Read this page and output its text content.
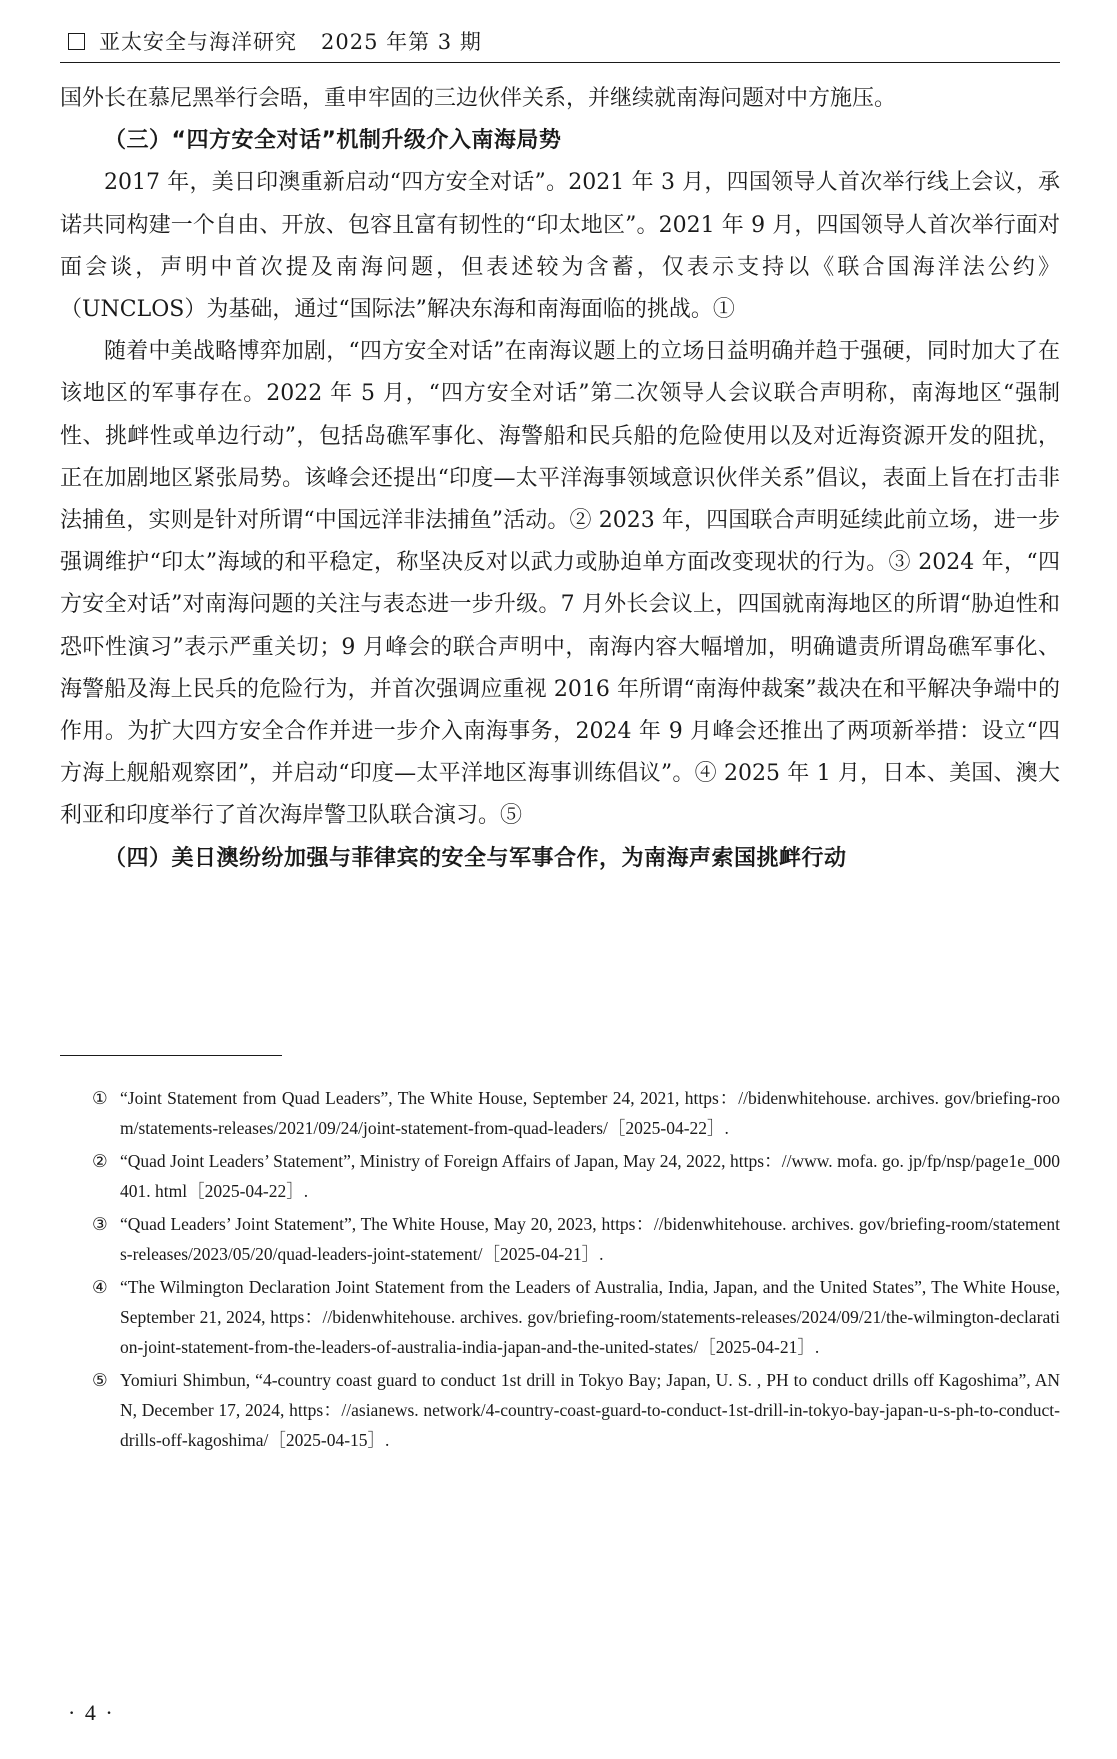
亚太安全与海洋研究 2025 年第 3 期

国外长在慕尼黑举行会晤，重申牢固的三边伙伴关系，并继续就南海问题对中方施压。

（三）“四方安全对话”机制升级介入南海局势

2017 年，美日印澳重新启动“四方安全对话”。2021 年 3 月，四国领导人首次举行线上会议，承诺共同构建一个自由、开放、包容且富有韧性的“印太地区”。2021 年 9 月，四国领导人首次举行面对面会谈，声明中首次提及南海问题，但表述较为含蓄，仅表示支持以《联合国海洋法公约》（UNCLOS）为基础，通过“国际法”解决东海和南海面临的挑战。①

随着中美战略博弈加剧，“四方安全对话”在南海议题上的立场日益明确并趋于强硬，同时加大了在该地区的军事存在。2022 年 5 月，“四方安全对话”第二次领导人会议联合声明称，南海地区“强制性、挑衅性或单边行动”，包括岛礁军事化、海警船和民兵船的危险使用以及对近海资源开发的阻扰，正在加剧地区紧张局势。该峰会还提出“印度—太平洋海事领域意识伙伴关系”倡议，表面上旨在打击非法捕鱼，实则是针对所谓“中国远洋非法捕鱼”活动。② 2023 年，四国联合声明延续此前立场，进一步强调维护“印太”海域的和平稳定，称坚决反对以武力或胁迫单方面改变现状的行为。③ 2024 年，“四方安全对话”对南海问题的关注与表态进一步升级。7 月外长会议上，四国就南海地区的所谓“胁迫性和恐吓性演习”表示严重关切；9 月峰会的联合声明中，南海内容大幅增加，明确谴责所谓岛礁军事化、海警船及海上民兵的危险行为，并首次强调应重视 2016 年所谓“南海仲裁案”裁决在和平解决争端中的作用。为扩大四方安全合作并进一步介入南海事务，2024 年 9 月峰会还推出了两项新举措：设立“四方海上舰船观察团”，并启动“印度—太平洋地区海事训练倡议”。④ 2025 年 1 月，日本、美国、澳大利亚和印度举行了首次海岸警卫队联合演习。⑤

（四）美日澳纷纷加强与菲律宾的安全与军事合作，为南海声索国挑衅行动
① “Joint Statement from Quad Leaders”, The White House, September 24, 2021, https：//bidenwhitehouse. archives. gov/briefing-room/statements-releases/2021/09/24/joint-statement-from-quad-leaders/［2025-04-22］.
② “Quad Joint Leaders’ Statement”, Ministry of Foreign Affairs of Japan, May 24, 2022, https：//www. mofa. go. jp/fp/nsp/page1e_000401. html［2025-04-22］.
③ “Quad Leaders’ Joint Statement”, The White House, May 20, 2023, https：//bidenwhitehouse. archives. gov/briefing-room/statements-releases/2023/05/20/quad-leaders-joint-statement/［2025-04-21］.
④ “The Wilmington Declaration Joint Statement from the Leaders of Australia, India, Japan, and the United States”, The White House, September 21, 2024, https：//bidenwhitehouse. archives. gov/briefing-room/statements-releases/2024/09/21/the-wilmington-declaration-joint-statement-from-the-leaders-of-australia-india-japan-and-the-united-states/［2025-04-21］.
⑤ Yomiuri Shimbun, “4-country coast guard to conduct 1st drill in Tokyo Bay; Japan, U. S. , PH to conduct drills off Kagoshima”, ANN, December 17, 2024, https：//asianews. network/4-country-coast-guard-to-conduct-1st-drill-in-tokyo-bay-japan-u-s-ph-to-conduct-drills-off-kagoshima/［2025-04-15］.
· 4 ·
